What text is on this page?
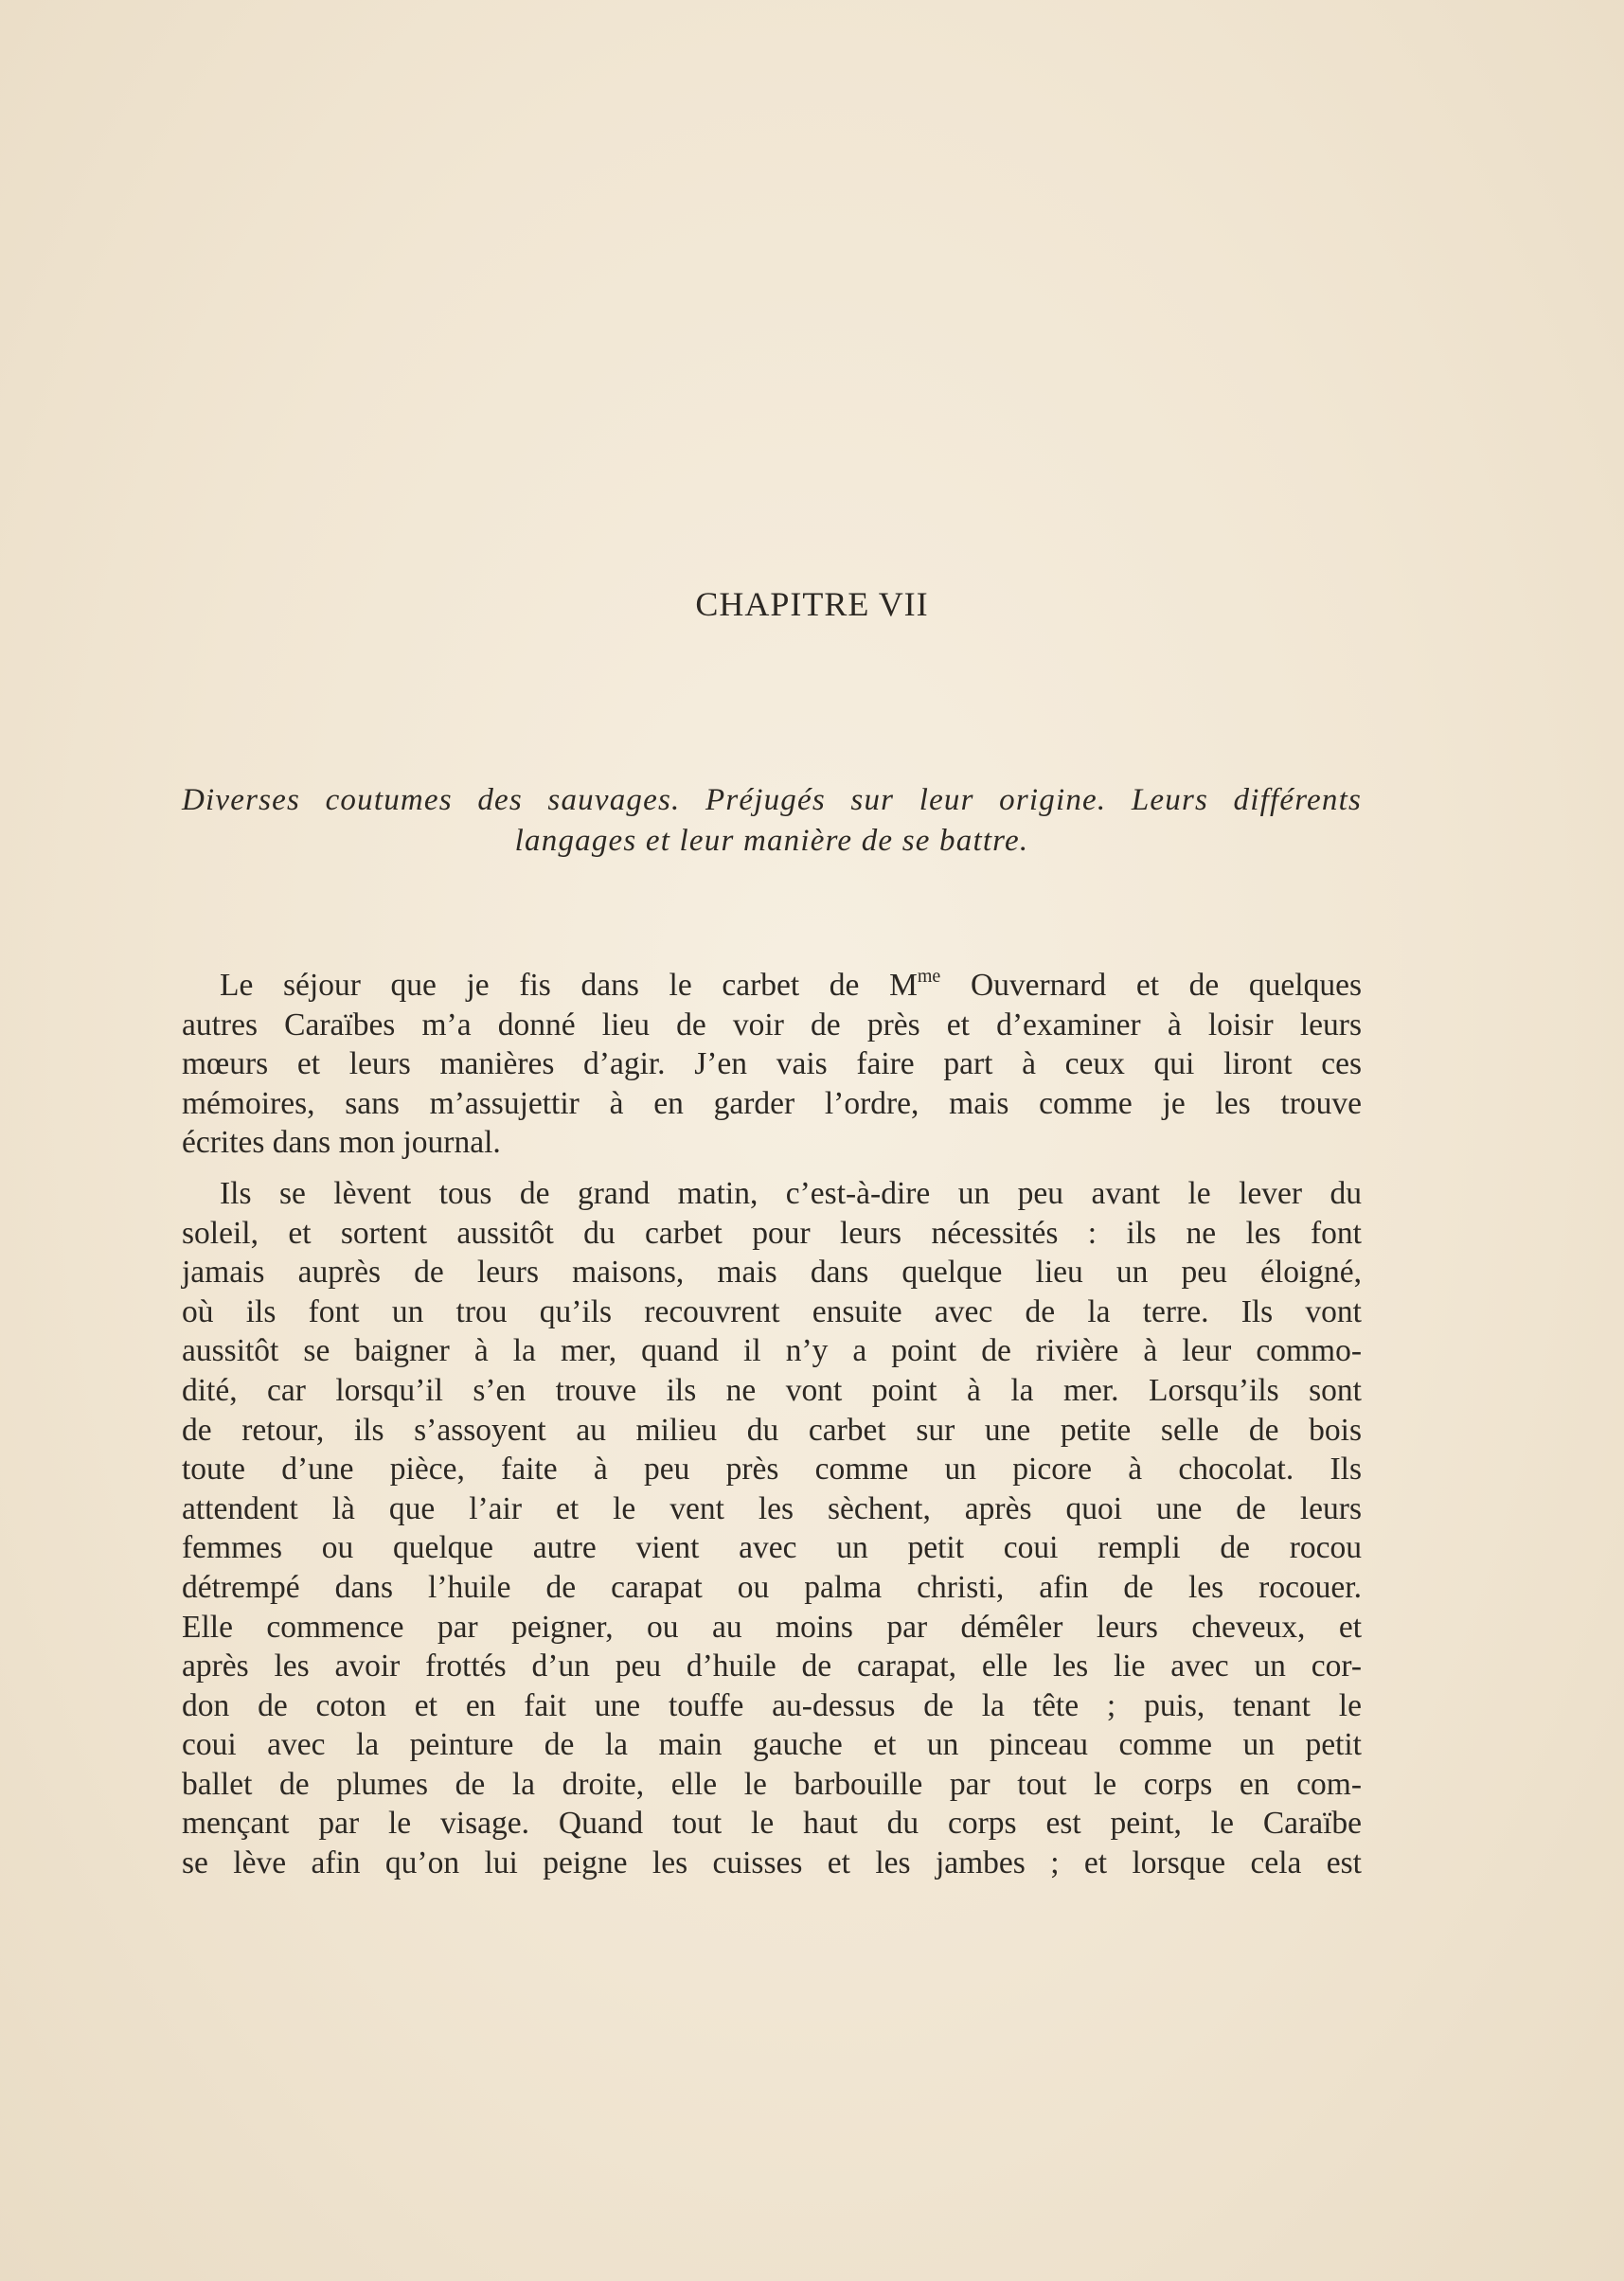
CHAPITRE VII

Diverses coutumes des sauvages. Préjugés sur leur origine. Leurs différents
langages et leur manière de se battre.

Le séjour que je fis dans le carbet de $M^{me}$ Ouvernard et de quelques
autres Caraïbes m’a donné lieu de voir de près et d’examiner à loisir leurs
mœurs et leurs manières d’agir. J’en vais faire part à ceux qui liront ces
mémoires, sans m’assujettir à en garder l’ordre, mais comme je les trouve
écrites dans mon journal.

Ils se lèvent tous de grand matin, c’est-à-dire un peu avant le lever du
soleil, et sortent aussitôt du carbet pour leurs nécessités : ils ne les font
jamais auprès de leurs maisons, mais dans quelque lieu un peu éloigné,
où ils font un trou qu’ils recouvrent ensuite avec de la terre. Ils vont
aussitôt se baigner à la mer, quand il n’y a point de rivière à leur commo-
dité, car lorsqu’il s’en trouve ils ne vont point à la mer. Lorsqu’ils sont
de retour, ils s’assoyent au milieu du carbet sur une petite selle de bois
toute d’une pièce, faite à peu près comme un picore à chocolat. Ils
attendent là que l’air et le vent les sèchent, après quoi une de leurs
femmes ou quelque autre vient avec un petit coui rempli de rocou
détrempé dans l’huile de carapat ou palma christi, afin de les rocouer.
Elle commence par peigner, ou au moins par démêler leurs cheveux, et
après les avoir frottés d’un peu d’huile de carapat, elle les lie avec un cor-
don de coton et en fait une touffe au-dessus de la tête ; puis, tenant le
coui avec la peinture de la main gauche et un pinceau comme un petit
ballet de plumes de la droite, elle le barbouille par tout le corps en com-
mençant par le visage. Quand tout le haut du corps est peint, le Caraïbe
se lève afin qu’on lui peigne les cuisses et les jambes ; et lorsque cela est
